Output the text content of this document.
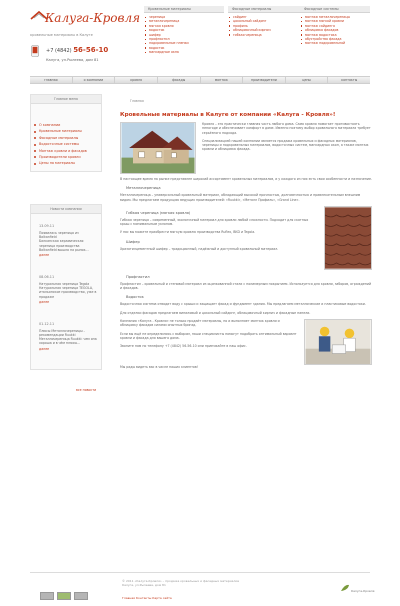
Калуга-Кровля
кровельные материалы в Калуге
+7 (4842) 56-56-10
Калуга, ул.Рылеева, дом 81
Кровельные материалы
черепица
металлочерепица
мягкая кровля
водосток
шифер
профнастил
подкровельные пленки
водосток
мансардные окна
Фасадные материалы
сайдинг
цокольный сайдинг
профиль
облицовочный кирпич
гибкая черепица
Фасадные системы
монтаж металлочерепицы
монтаж мягкой кровли
монтаж сайдинга
облицовка фасадов
монтаж водостока
обустройство фасада
монтаж подкровельной
главная	о компании	кровля	фасады	монтаж	производители	цены	контакты
Главное меню
О компании
Кровельные материалы
Фасадные материалы
Водосточные системы
Монтаж кровли и фасадов
Производители кровли
Цены на материалы
Новости компании
13.09.11
Появилась черепица из Balkanfield
Балканская керамическая черепица производства Balkanfield вышла на рынок...
далее
08.06.11
Натуральная черепица Tegola
Натуральная черепица TEGOLA, итальянское производство, уже в продаже
далее
01.12.11
Плюсы Металлочерепицы - рекомендации Ruukki
Металлочерепица Ruukki: чем она хороша и в чём плюсы...
далее
все новости
Главная
Кровельные материалы в Калуге от компании «Калуга - Кровля»!
Кровля – это практически главная часть любого дома. Сама кровля помогает противостоять непогоде и обеспечивает комфорт в доме. Именно поэтому выбор кровельного материала требует серьёзного подхода.
Специализацией нашей компании является продажа кровельных и фасадных материалов, черепицы и подкровельных материалов, водосточных систем, мансардных окон, а также монтаж кровли и облицовка фасада.
В настоящее время на рынке представлен широкий ассортимент кровельных материалов, и у каждого из них есть свои особенности и назначение.
Металлочерепица
Металлочерепица – универсальный кровельный материал, обладающий высокой прочностью, долговечностью и привлекательным внешним видом. Мы предлагаем продукцию ведущих производителей: «Ruukki», «Металл Профиль», «Grand Line».
Гибкая черепица (мягкая кровля)
Гибкая черепица – современный, экологичный материал для кровли любой сложности. Подходит для скатных крыш с минимальным уклоном.
У нас вы можете приобрести мягкую кровлю производства Ruflex, BKD и Tegola.
Шифер
Хризотилцементный шифер – традиционный, надёжный и доступный кровельный материал.
Профнастил
Профнастил – кровельный и стеновой материал из оцинкованной стали с полимерным покрытием. Используется для кровли, заборов, ограждений и фасадов.
Водосток
Водосточная система отводит воду с крыши и защищает фасад и фундамент здания. Мы предлагаем металлические и пластиковые водостоки.
Для отделки фасадов предлагаем виниловый и цокольный сайдинг, облицовочный кирпич и фасадные панели.
Компания «Калуга - Кровля» не только продаёт материалы, но и выполняет монтаж кровли и облицовку фасадов силами опытных бригад.
Если вы ещё не определились с выбором, наши специалисты помогут подобрать оптимальный вариант кровли и фасада для вашего дома.
Звоните нам по телефону +7 (4842) 56-56-10 или приезжайте в наш офис.
Мы рады видеть вас в числе наших клиентов!
© 2011 «Калуга-Кровля» – продажа кровельных и фасадных материалов
Калуга, ул.Рылеева, дом 81
Главная Контакты Карта сайта
Калуга-Кровля
